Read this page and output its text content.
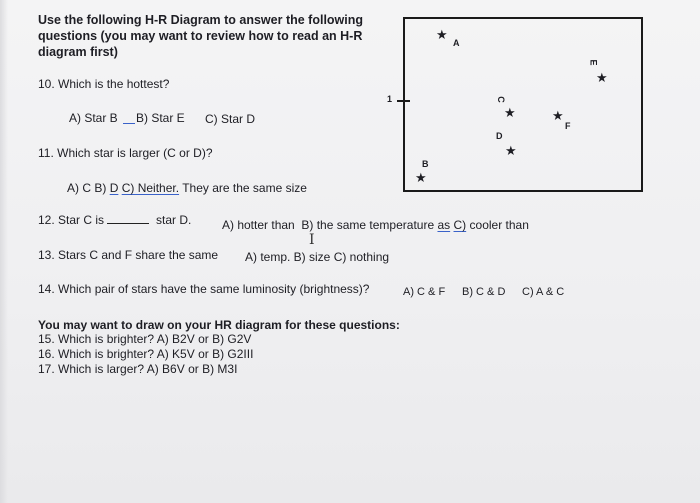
Use the following H-R Diagram to answer the following questions (you may want to review how to read an H-R diagram first)
10. Which is the hottest?
A) Star B B) Star E C) Star D
11. Which star is larger (C or D)?
A) C B) D C) Neither. They are the same size
12. Star C is	star D.	A) hotter than B) the same temperature as C) cooler than
I
13. Stars C and F share the same A) temp. B) size C) nothing
14. Which pair of stars have the same luminosity (brightness)?	A) C & F B) C & D C) A & C
You may want to draw on your HR diagram for these questions:
15. Which is brighter? A) B2V or B) G2V
16. Which is brighter? A) K5V or B) G2III
17. Which is larger? A) B6V or B) M3I
1
★
A
B
★
C
★
D
★
E
★
★
F
